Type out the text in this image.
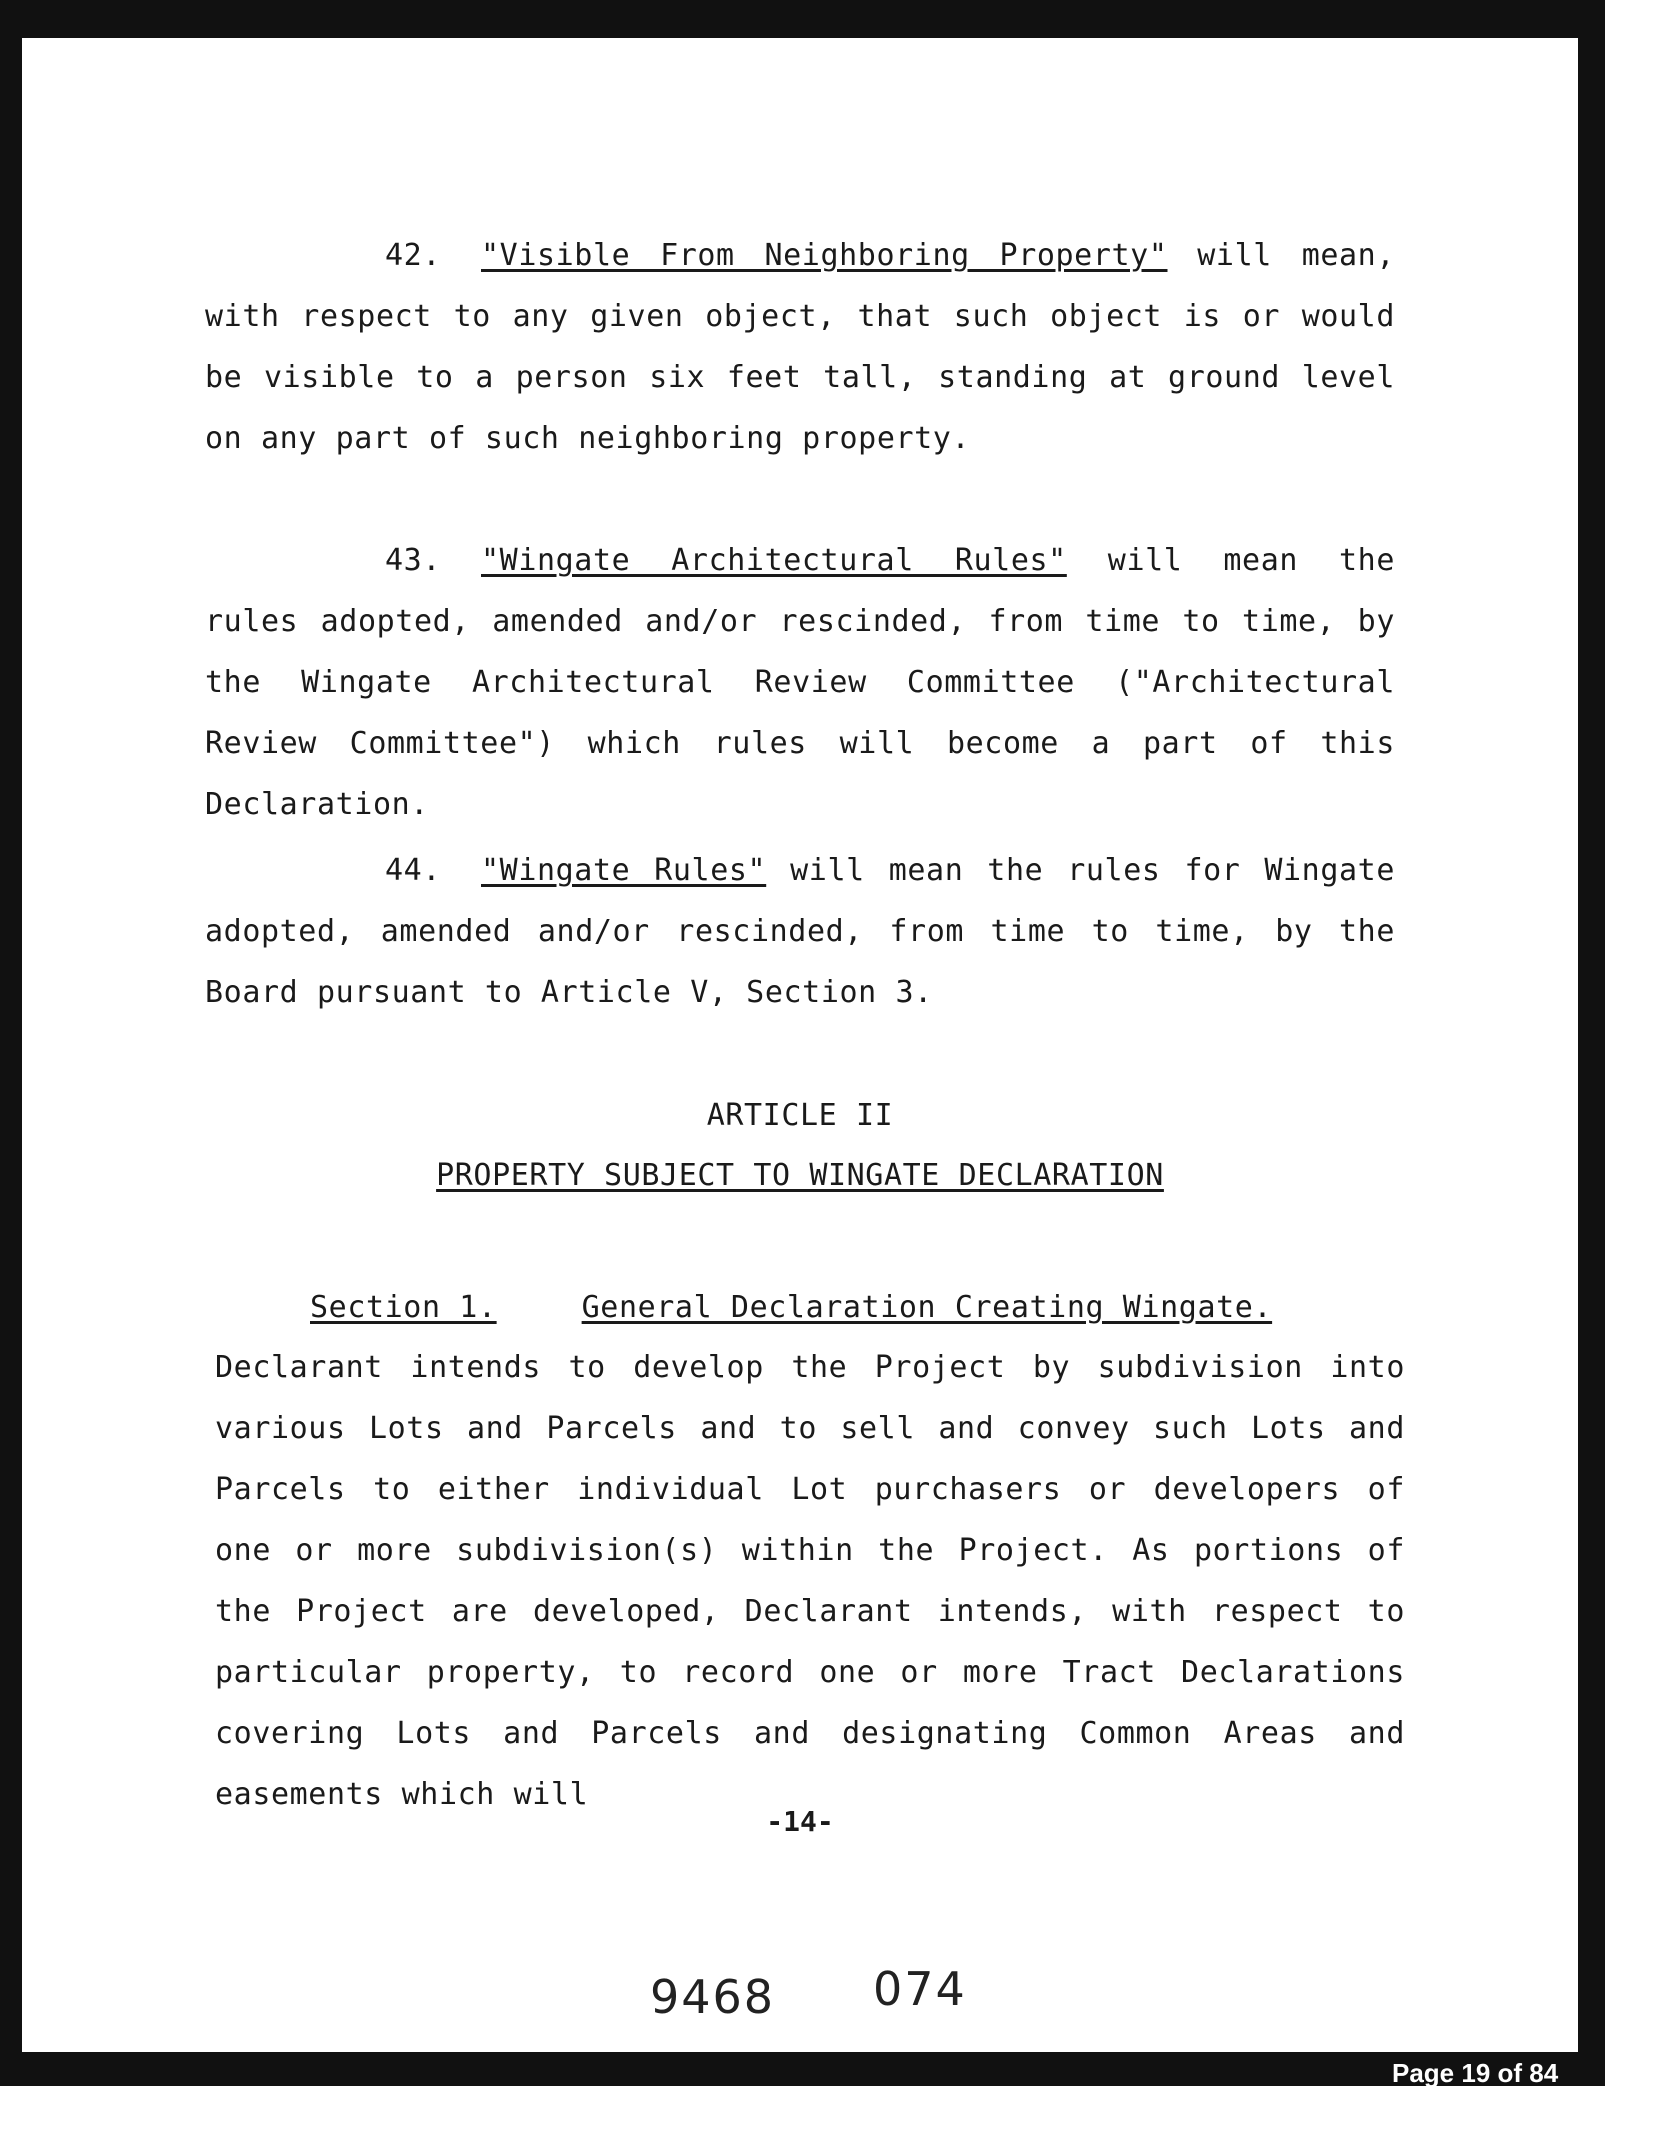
42. "Visible From Neighboring Property" will mean, with respect to any given object, that such object is or would be visible to a person six feet tall, standing at ground level on any part of such neighboring property.
43. "Wingate Architectural Rules" will mean the rules adopted, amended and/or rescinded, from time to time, by the Wingate Architectural Review Committee ("Architectural Review Committee") which rules will become a part of this Declaration.
44. "Wingate Rules" will mean the rules for Wingate adopted, amended and/or rescinded, from time to time, by the Board pursuant to Article V, Section 3.
ARTICLE II
PROPERTY SUBJECT TO WINGATE DECLARATION
Section 1.	General Declaration Creating Wingate.
Declarant intends to develop the Project by subdivision into various Lots and Parcels and to sell and convey such Lots and Parcels to either individual Lot purchasers or developers of one or more subdivision(s) within the Project. As portions of the Project are developed, Declarant intends, with respect to particular property, to record one or more Tract Declarations covering Lots and Parcels and designating Common Areas and easements which will
-14-
9468 074
Page 19 of 84
